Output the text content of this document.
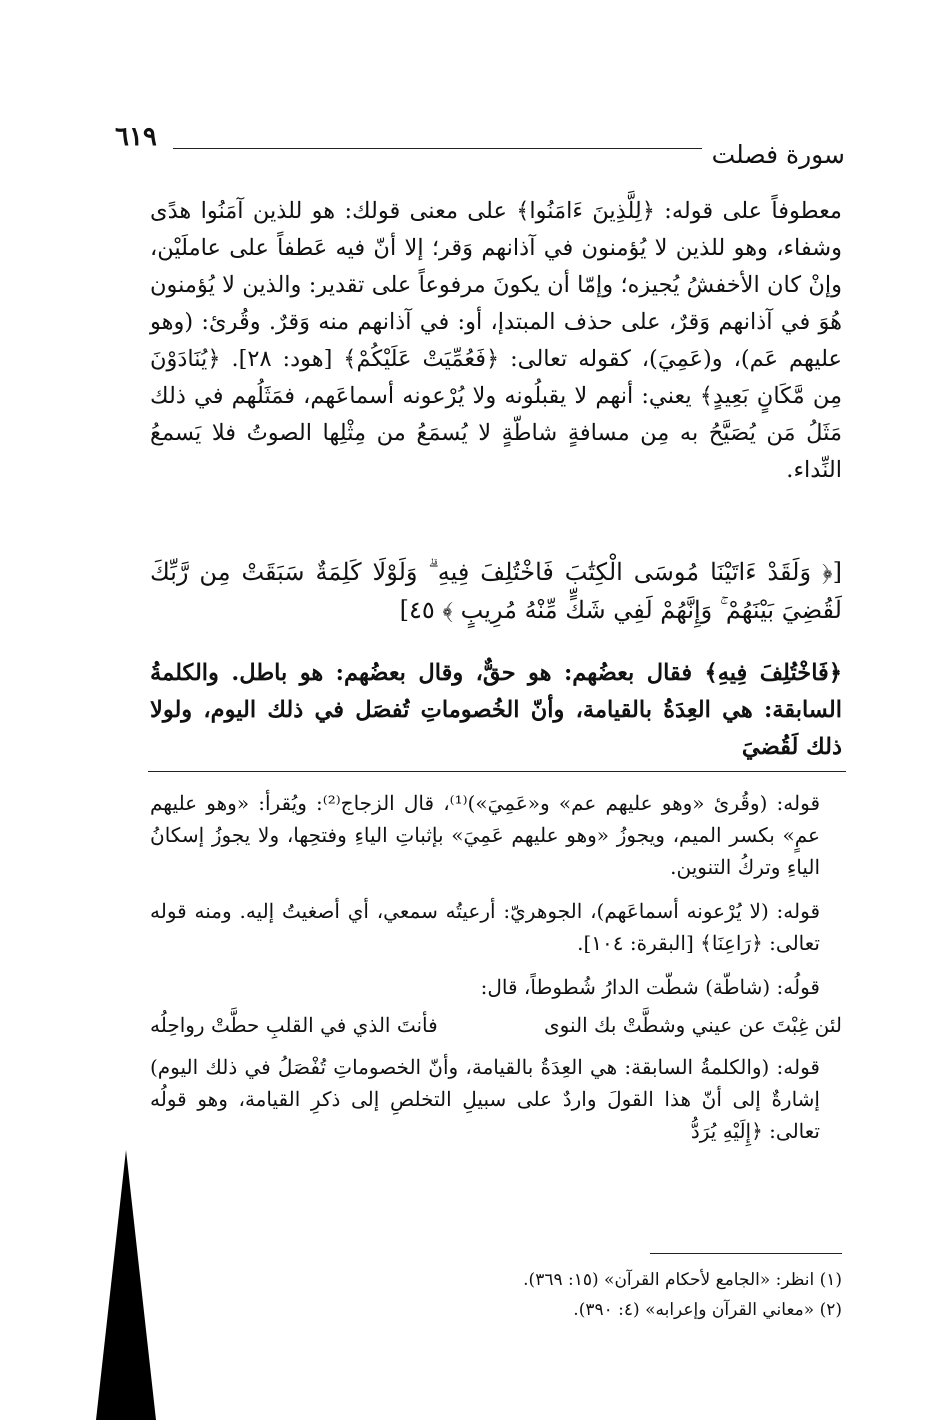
٦١٩
سورة فصلت

معطوفاً على قوله: ﴿لِلَّذِينَ ءَامَنُوا﴾ على معنى قولك: هو للذين آمَنُوا هدًى وشفاء، وهو للذين لا يُؤمنون في آذانهم وَقر؛ إلا أنّ فيه عَطفاً على عاملَيْن، وإنْ كان الأخفشُ يُجيزه؛ وإمّا أن يكونَ مرفوعاً على تقدير: والذين لا يُؤمنون هُوَ في آذانهم وَقرٌ، على حذف المبتدإ، أو: في آذانهم منه وَقرٌ. وقُرئ: (وهو عليهم عَم)، و(عَمِيَ)، كقوله تعالى: ﴿فَعُمِّيَتْ عَلَيْكُمْ﴾ [هود: ٢٨]. ﴿يُنَادَوْنَ مِن مَّكَانٍ بَعِيدٍ﴾ يعني: أنهم لا يقبلُونه ولا يُرْعونه أسماعَهم، فمَثَلُهم في ذلك مَثَلُ مَن يُصَيَّحُ به مِن مسافةٍ شاطّةٍ لا يُسمَعُ من مِثْلِها الصوتُ فلا يَسمعُ النِّداء.

[﴿ وَلَقَدْ ءَاتَيْنَا مُوسَى الْكِتَٰبَ فَاخْتُلِفَ فِيهِ ۗ وَلَوْلَا كَلِمَةٌ سَبَقَتْ مِن رَّبِّكَ لَقُضِيَ بَيْنَهُمْ ۚ وَإِنَّهُمْ لَفِي شَكٍّ مِّنْهُ مُرِيبٍ ﴾ ٤٥]

﴿فَاخْتُلِفَ فِيهِ﴾ فقال بعضُهم: هو حقٌّ، وقال بعضُهم: هو باطل. والكلمةُ السابقة: هي العِدَةُ بالقيامة، وأنّ الخُصوماتِ تُفصَل في ذلك اليوم، ولولا ذلك لَقُضيَ

قوله: (وقُرئ «وهو عليهم عم» و«عَمِيَ»)⁽¹⁾، قال الزجاج⁽²⁾: ويُقرأ: «وهو عليهم عمٍ» بكسر الميم، ويجوزُ «وهو عليهم عَمِيَ» بإثباتِ الياءِ وفتحِها، ولا يجوزُ إسكانُ الياءِ وتركُ التنوين.

قوله: (لا يُرْعونه أسماعَهم)، الجوهريّ: أرعيتُه سمعي، أي أصغيتُ إليه. ومنه قوله تعالى: ﴿رَاعِنَا﴾ [البقرة: ١٠٤].

قولُه: (شاطّة) شطّت الدارُ شُطوطاً، قال:

لئن غِبْتَ عن عيني وشطَّتْ بك النوى
فأنتَ الذي في القلبِ حطَّتْ رواحِلُه

قوله: (والكلمةُ السابقة: هي العِدَةُ بالقيامة، وأنّ الخصوماتِ تُفْصَلُ في ذلك اليوم) إشارةٌ إلى أنّ هذا القولَ واردٌ على سبيلِ التخلصِ إلى ذكرِ القيامة، وهو قولُه تعالى: ﴿إِلَيْهِ يُرَدُّ

(١) انظر: «الجامع لأحكام القرآن» (١٥: ٣٦٩).
(٢) «معاني القرآن وإعرابه» (٤: ٣٩٠).
